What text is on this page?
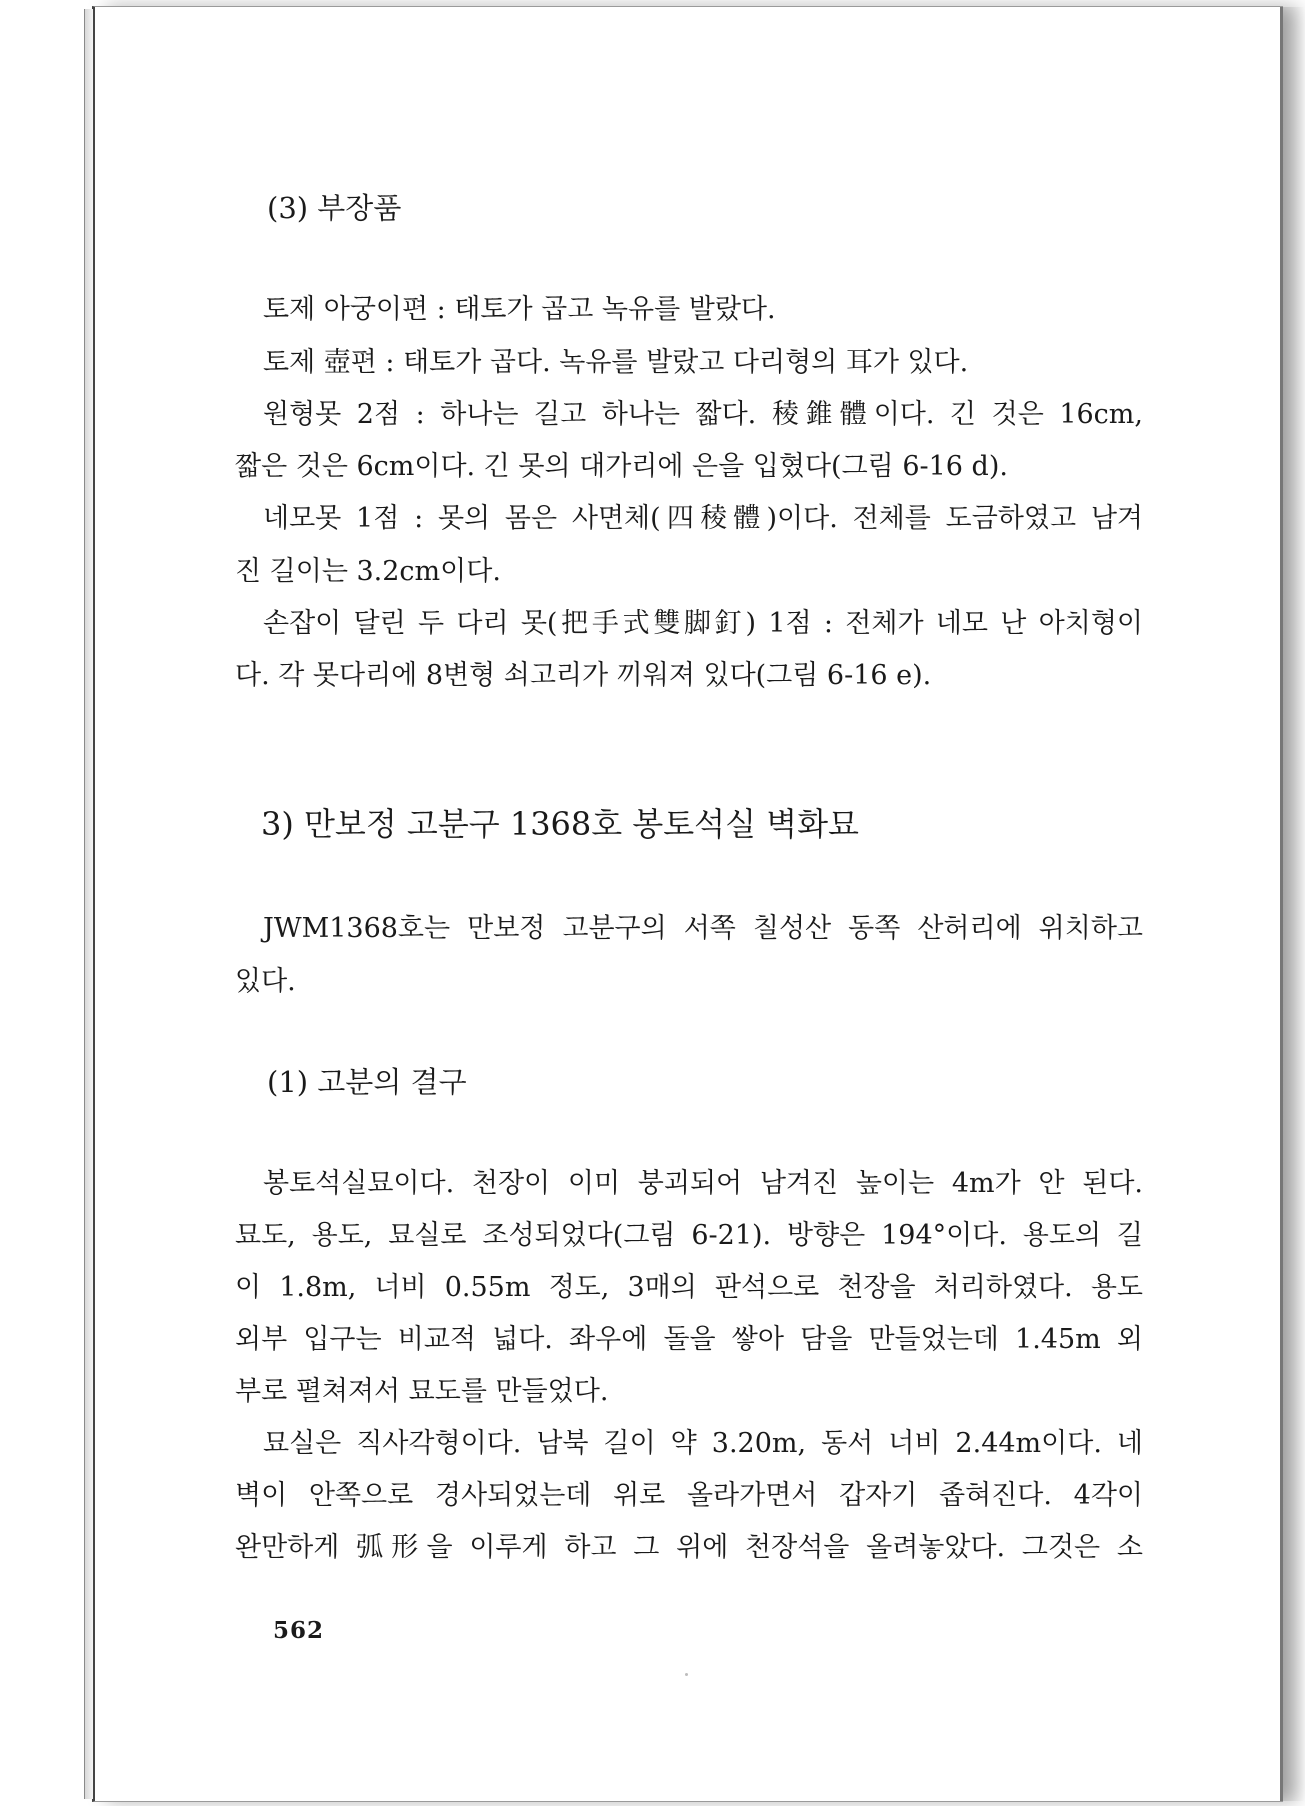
(3) 부장품
토제 아궁이편 : 태토가 곱고 녹유를 발랐다.
토제 壺편 : 태토가 곱다. 녹유를 발랐고 다리형의 耳가 있다.
원형못 2점 : 하나는 길고 하나는 짧다. 稜錐體이다. 긴 것은 16cm,
짧은 것은 6cm이다. 긴 못의 대가리에 은을 입혔다(그림 6-16 d).
네모못 1점 : 못의 몸은 사면체(四稜體)이다. 전체를 도금하였고 남겨
진 길이는 3.2cm이다.
손잡이 달린 두 다리 못(把手式雙脚釘) 1점 : 전체가 네모 난 아치형이
다. 각 못다리에 8변형 쇠고리가 끼워져 있다(그림 6-16 e).
3) 만보정 고분구 1368호 봉토석실 벽화묘
JWM1368호는 만보정 고분구의 서쪽 칠성산 동쪽 산허리에 위치하고
있다.
(1) 고분의 결구
봉토석실묘이다. 천장이 이미 붕괴되어 남겨진 높이는 4m가 안 된다.
묘도, 용도, 묘실로 조성되었다(그림 6-21). 방향은 194°이다. 용도의 길
이 1.8m, 너비 0.55m 정도, 3매의 판석으로 천장을 처리하였다. 용도
외부 입구는 비교적 넓다. 좌우에 돌을 쌓아 담을 만들었는데 1.45m 외
부로 펼쳐져서 묘도를 만들었다.
묘실은 직사각형이다. 남북 길이 약 3.20m, 동서 너비 2.44m이다. 네
벽이 안쪽으로 경사되었는데 위로 올라가면서 갑자기 좁혀진다. 4각이
완만하게 弧形을 이루게 하고 그 위에 천장석을 올려놓았다. 그것은 소
562
